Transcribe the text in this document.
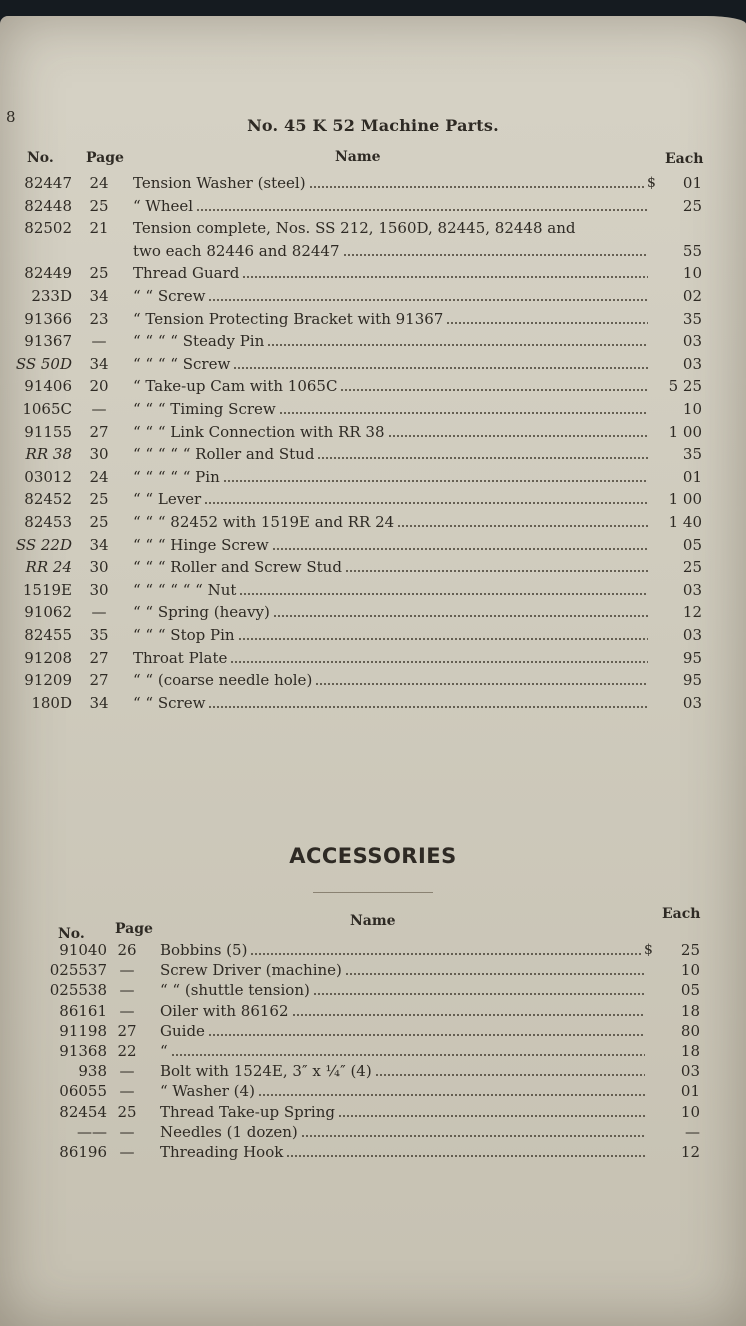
8	No. 45 K 52 Machine Parts.
No. Page	Name	Each
82447	24	Tension Washer (steel)	$	01
82448	25	“ Wheel	25
82502	21	Tension complete, Nos. SS 212, 1560D, 82445, 82448 and
two each 82446 and 82447	55
82449	25	Thread Guard	10
233D	34	“ “ Screw	02
91366	23	“ Tension Protecting Bracket with 91367	35
91367	—	“ “ “ “ Steady Pin	03
SS 50D	34	“ “ “ “ Screw	03
91406	20	“ Take-up Cam with 1065C	5 25
1065C	—	“ “ “ Timing Screw	10
91155	27	“ “ “ Link Connection with RR 38	1 00
RR 38	30	“ “ “ “ “ Roller and Stud	35
03012	24	“ “ “ “ “ Pin	01
82452	25	“ “ Lever	1 00
82453	25	“ “ “ 82452 with 1519E and RR 24	1 40
SS 22D	34	“ “ “ Hinge Screw	05
RR 24	30	“ “ “ Roller and Screw Stud	25
1519E	30	“ “ “ “ “ “ Nut	03
91062	—	“ “ Spring (heavy)	12
82455	35	“ “ “ Stop Pin	03
91208	27	Throat Plate	95
91209	27	“ “ (coarse needle hole)	95
180D	34	“ “ Screw	03
ACCESSORIES
No. Page	Name	Each
91040 26	Bobbins (5)	$	25
025537 —	Screw Driver (machine)	10
025538 —	“ “ (shuttle tension)	05
86161 —	Oiler with 86162	18
91198 27	Guide	80
91368 22	“	18
938 —	Bolt with 1524E, 3″ x ¼″ (4)	03
06055 —	“ Washer (4)	01
82454 25	Thread Take-up Spring	10
—— —	Needles (1 dozen)	—
86196 —	Threading Hook	12
